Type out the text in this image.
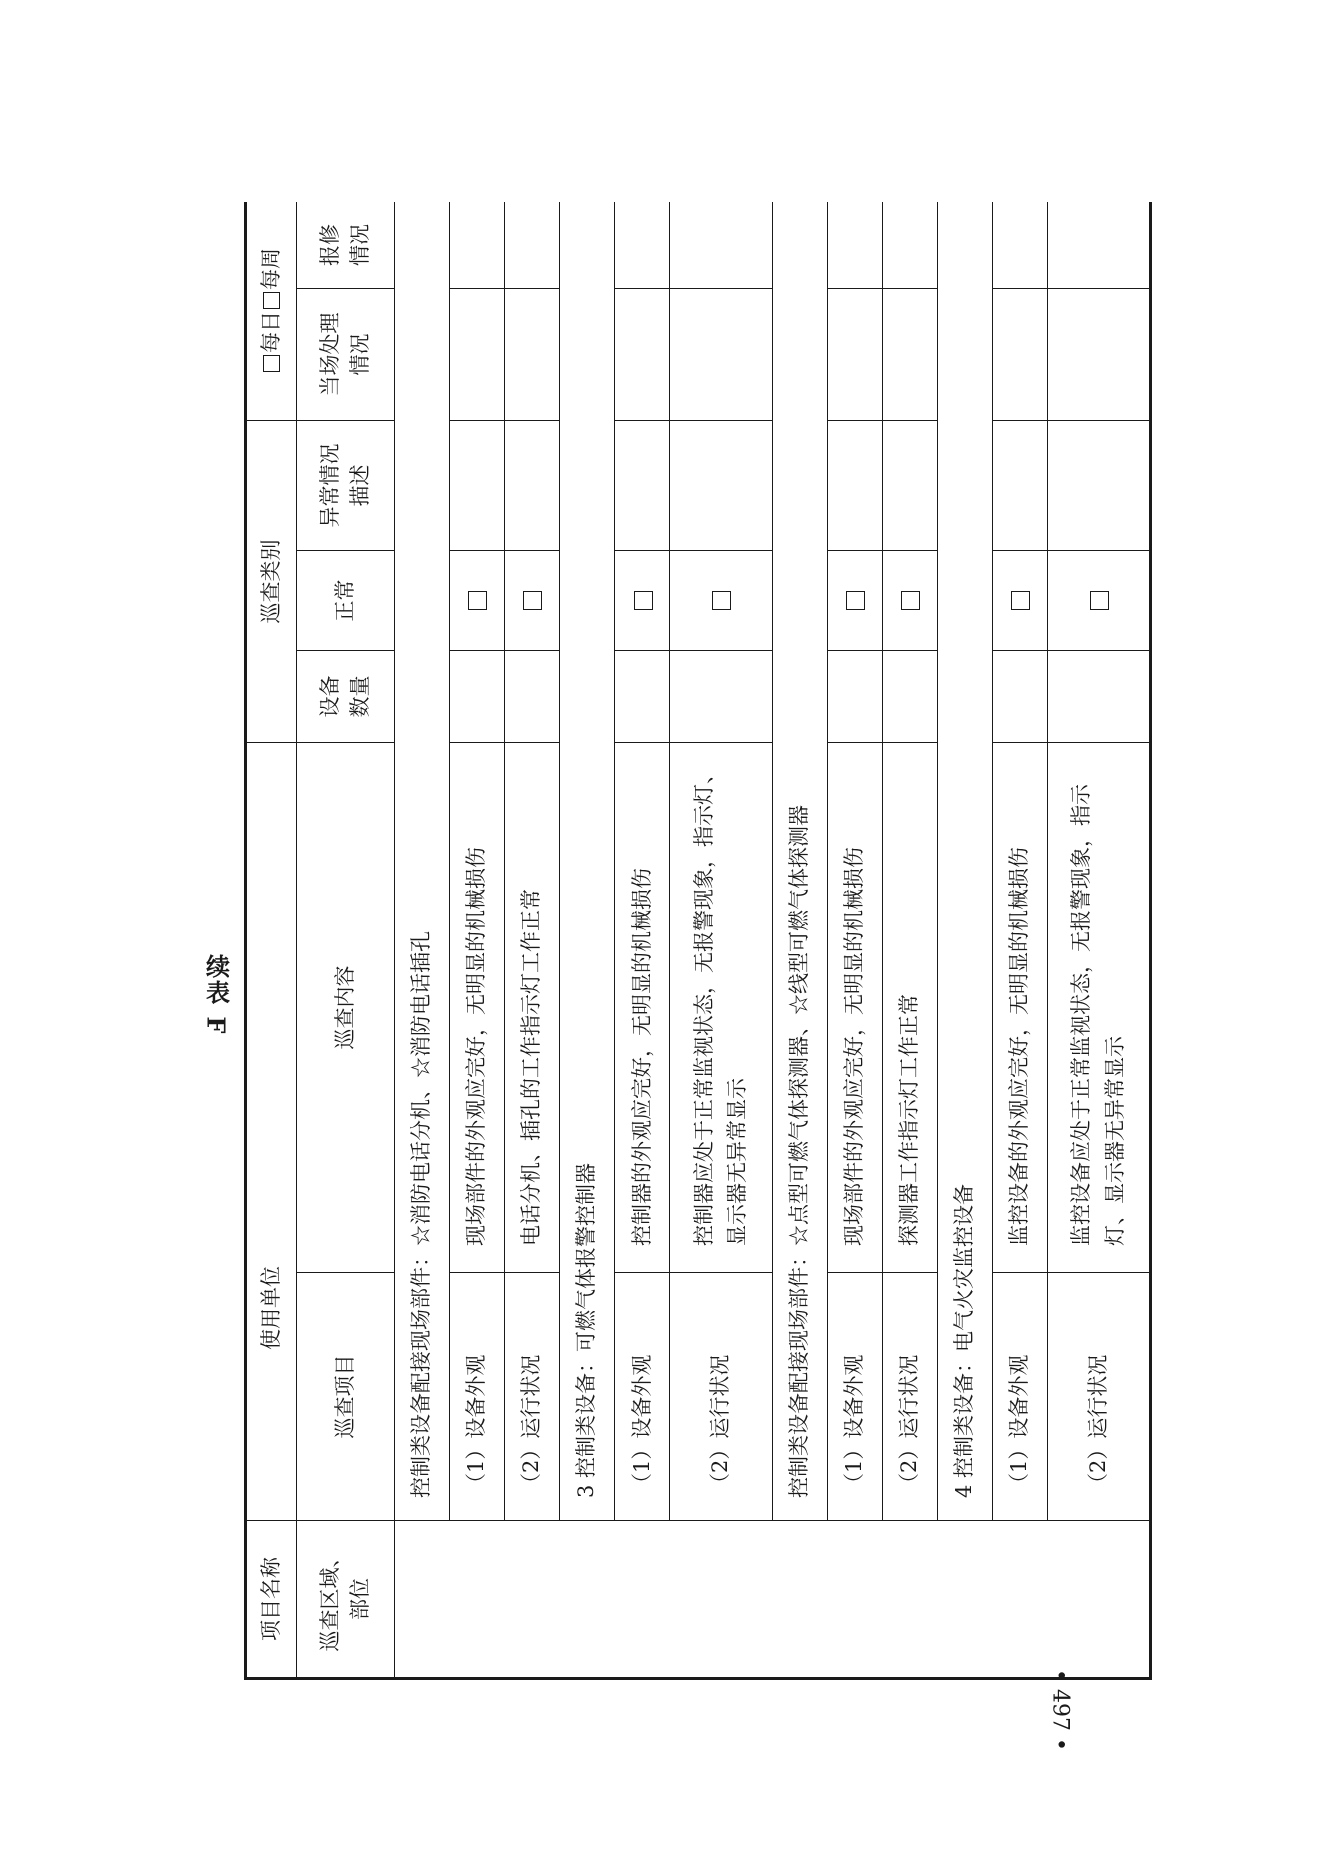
续表 F
• 497 •
项目名称	使用单位		巡查类别			每日每周	
巡查区域、 部位	巡查项目	巡查内容	设备 数量	正常	异常情况 描述	当场处理 情况	报修 情况
	控制类设备配接现场部件：☆消防电话分机、☆消防电话插孔						
	（1）设备外观	现场部件的外观应完好，无明显的机械损伤					
	（2）运行状况	电话分机、插孔的工作指示灯工作正常					
	3 控制类设备：可燃气体报警控制器						
	（1）设备外观	控制器的外观应完好，无明显的机械损伤					
	（2）运行状况	控制器应处于正常监视状态，无报警现象，指示灯、显示器无异常显示					
	控制类设备配接现场部件：☆点型可燃气体探测器、☆线型可燃气体探测器						
	（1）设备外观	现场部件的外观应完好，无明显的机械损伤					
	（2）运行状况	探测器工作指示灯工作正常					
	4 控制类设备：电气火灾监控设备						
	（1）设备外观	监控设备的外观应完好，无明显的机械损伤					
	（2）运行状况	监控设备应处于正常监视状态，无报警现象，指示灯、显示器无异常显示					
